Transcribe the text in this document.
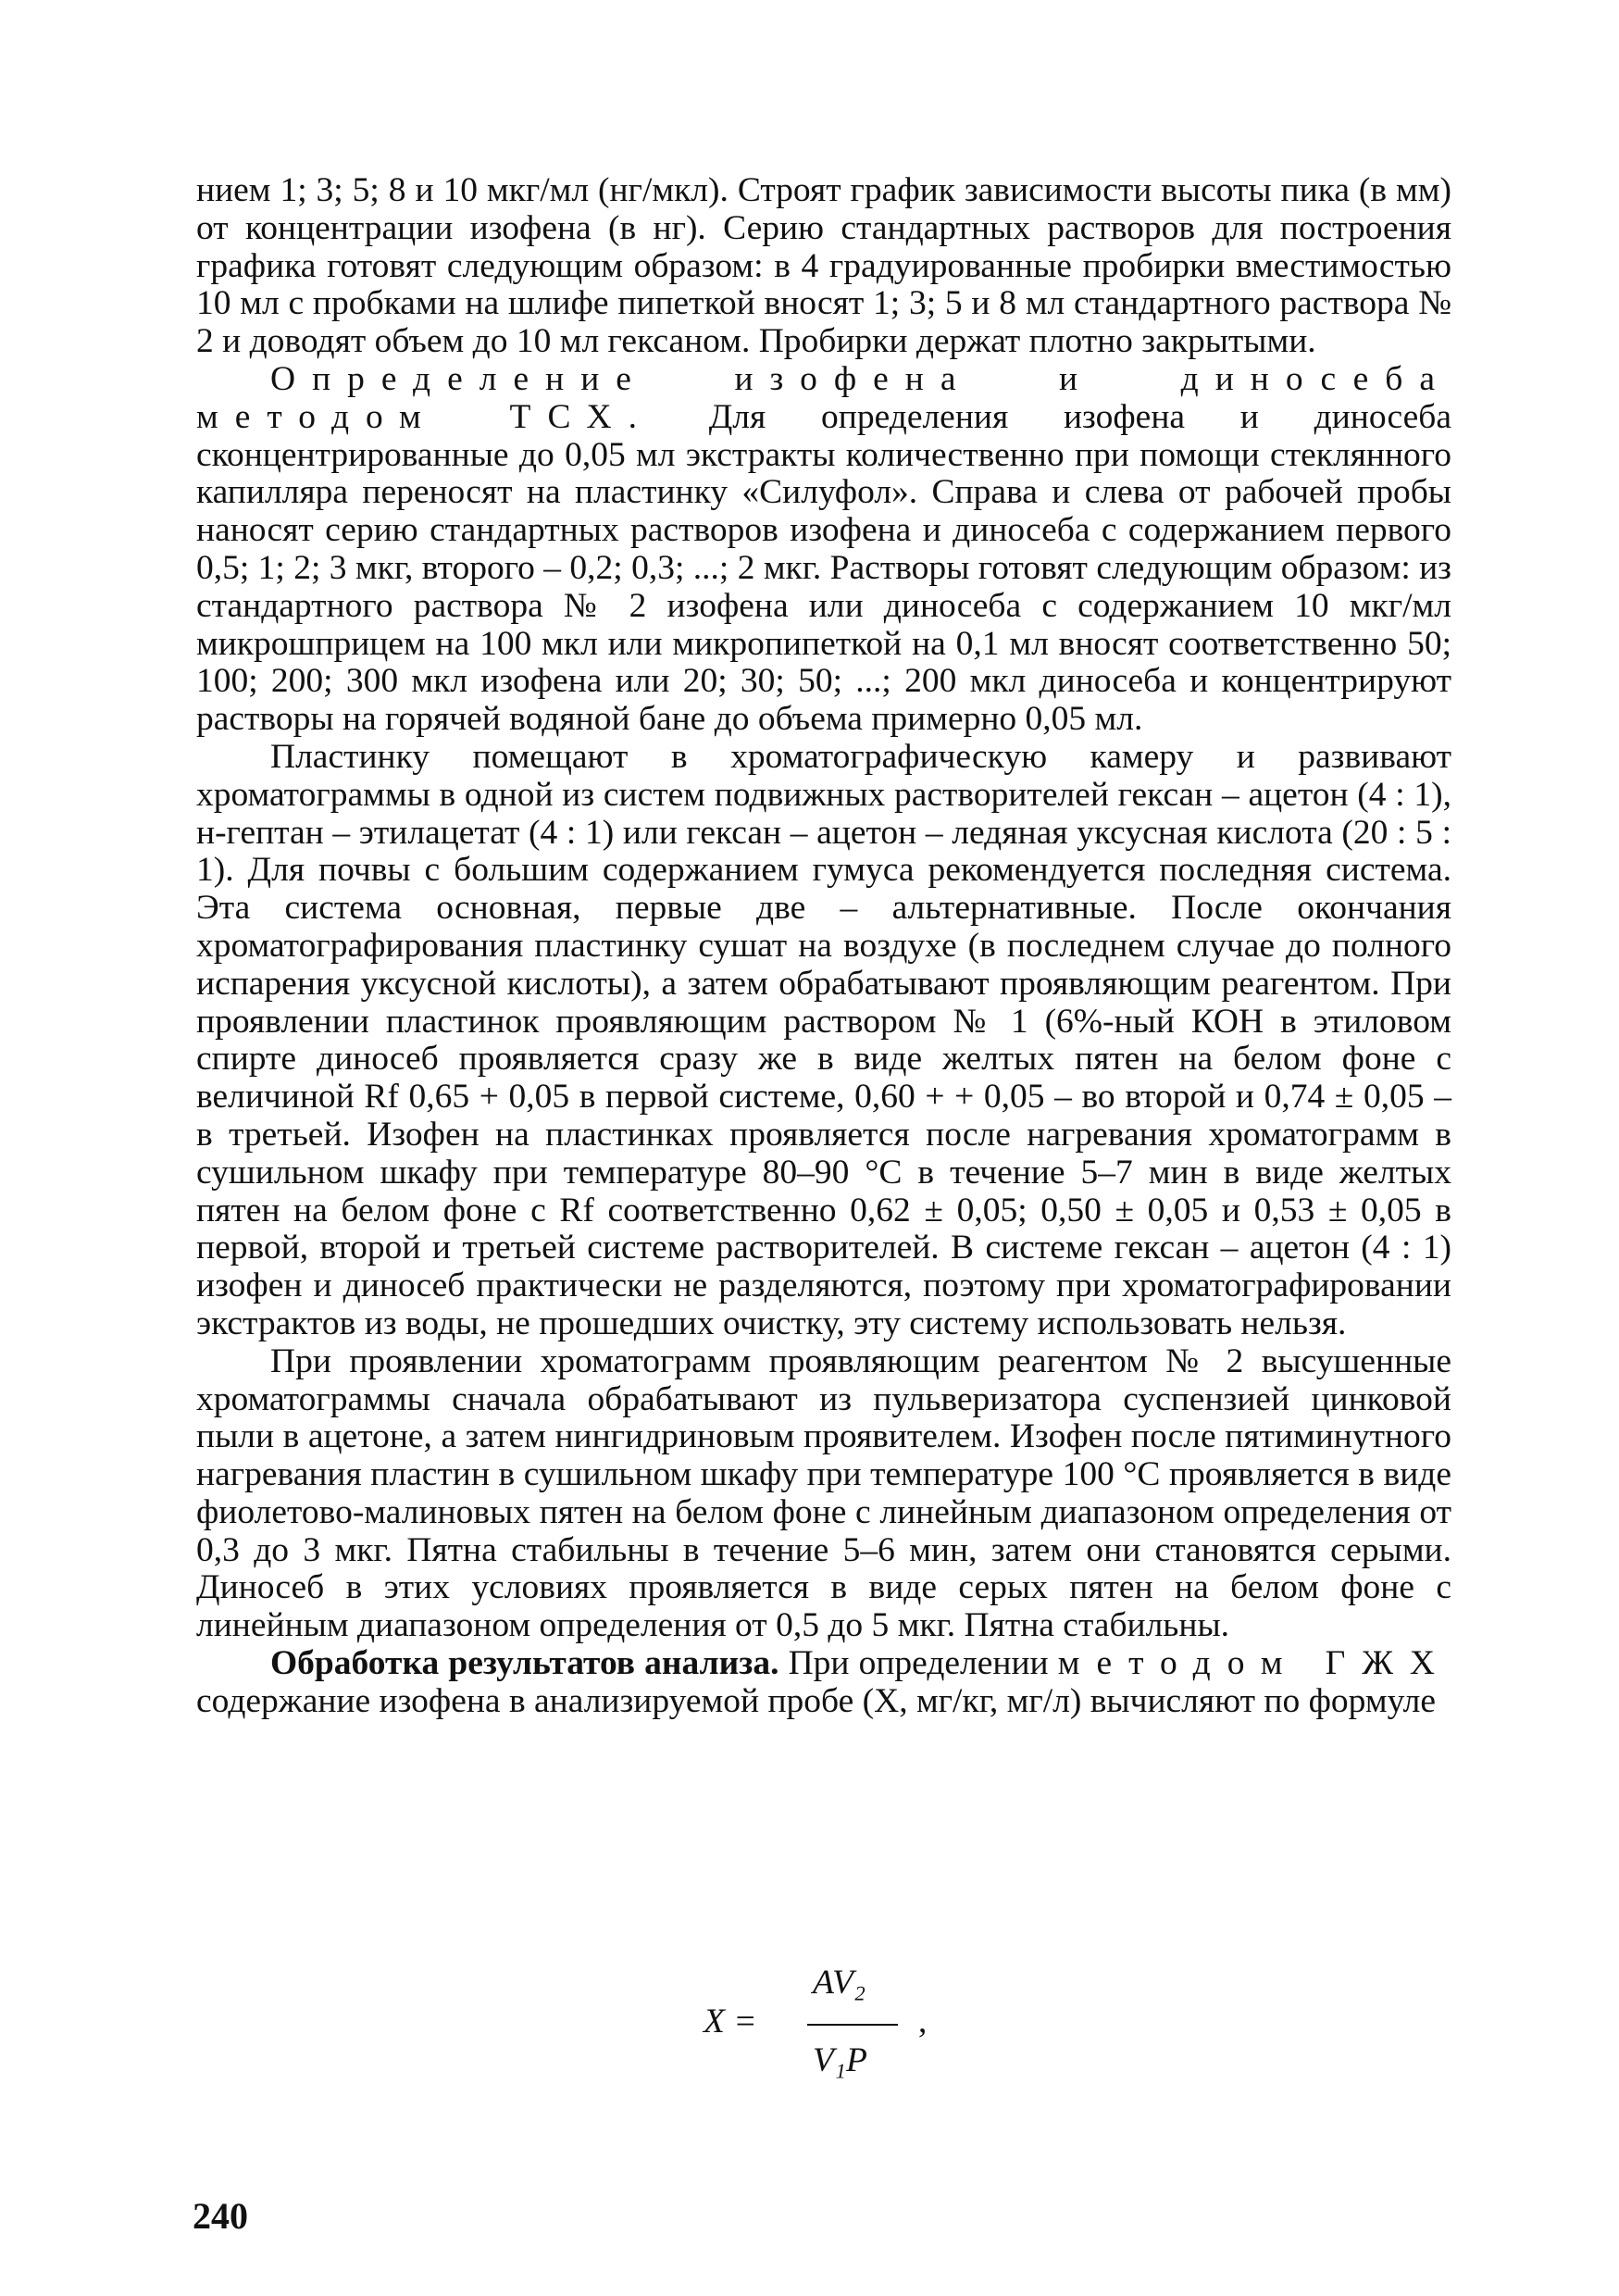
нием 1; 3; 5; 8 и 10 мкг/мл (нг/мкл). Строят график зависимости высоты пика (в мм) от концентрации изофена (в нг). Серию стандартных растворов для построения графика готовят следующим образом: в 4 градуированные пробирки вместимостью 10 мл с пробками на шлифе пипеткой вносят 1; 3; 5 и 8 мл стандартного раствора № 2 и доводят объем до 10 мл гексаном. Пробирки держат плотно закрытыми.

Определение изофена и диносеба методом ТСХ. Для определения изофена и диносеба сконцентрированные до 0,05 мл экстракты количественно при помощи стеклянного капилляра переносят на пластинку «Силуфол». Справа и слева от рабочей пробы наносят серию стандартных растворов изофена и диносеба с содержанием первого 0,5; 1; 2; 3 мкг, второго – 0,2; 0,3; ...; 2 мкг. Растворы готовят следующим образом: из стандартного раствора № 2 изофена или диносеба с содержанием 10 мкг/мл микрошприцем на 100 мкл или микропипеткой на 0,1 мл вносят соответственно 50; 100; 200; 300 мкл изофена или 20; 30; 50; ...; 200 мкл диносеба и концентрируют растворы на горячей водяной бане до объема примерно 0,05 мл.

Пластинку помещают в хроматографическую камеру и развивают хроматограммы в одной из систем подвижных растворителей гексан – ацетон (4 : 1), н-гептан – этилацетат (4 : 1) или гексан – ацетон – ледяная уксусная кислота (20 : 5 : 1). Для почвы с большим содержанием гумуса рекомендуется последняя система. Эта система основная, первые две – альтернативные. После окончания хроматографирования пластинку сушат на воздухе (в последнем случае до полного испарения уксусной кислоты), а затем обрабатывают проявляющим реагентом. При проявлении пластинок проявляющим раствором № 1 (6%-ный КОН в этиловом спирте диносеб проявляется сразу же в виде желтых пятен на белом фоне с величиной Rf 0,65 + 0,05 в первой системе, 0,60 + + 0,05 – во второй и 0,74 ± 0,05 – в третьей. Изофен на пластинках проявляется после нагревания хроматограмм в сушильном шкафу при температуре 80–90 °С в течение 5–7 мин в виде желтых пятен на белом фоне с Rf соответственно 0,62 ± 0,05; 0,50 ± 0,05 и 0,53 ± 0,05 в первой, второй и третьей системе растворителей. В системе гексан – ацетон (4 : 1) изофен и диносеб практически не разделяются, поэтому при хроматографировании экстрактов из воды, не прошедших очистку, эту систему использовать нельзя.

При проявлении хроматограмм проявляющим реагентом № 2 высушенные хроматограммы сначала обрабатывают из пульверизатора суспензией цинковой пыли в ацетоне, а затем нингидриновым проявителем. Изофен после пятиминутного нагревания пластин в сушильном шкафу при температуре 100 °С проявляется в виде фиолетово-малиновых пятен на белом фоне с линейным диапазоном определения от 0,3 до 3 мкг. Пятна стабильны в течение 5–6 мин, затем они становятся серыми. Диносеб в этих условиях проявляется в виде серых пятен на белом фоне с линейным диапазоном определения от 0,5 до 5 мкг. Пятна стабильны.

Обработка результатов анализа. При определении методом ГЖХ содержание изофена в анализируемой пробе (X, мг/кг, мг/л) вычисляют по формуле

X =
AV₂
V₁P
,
240
